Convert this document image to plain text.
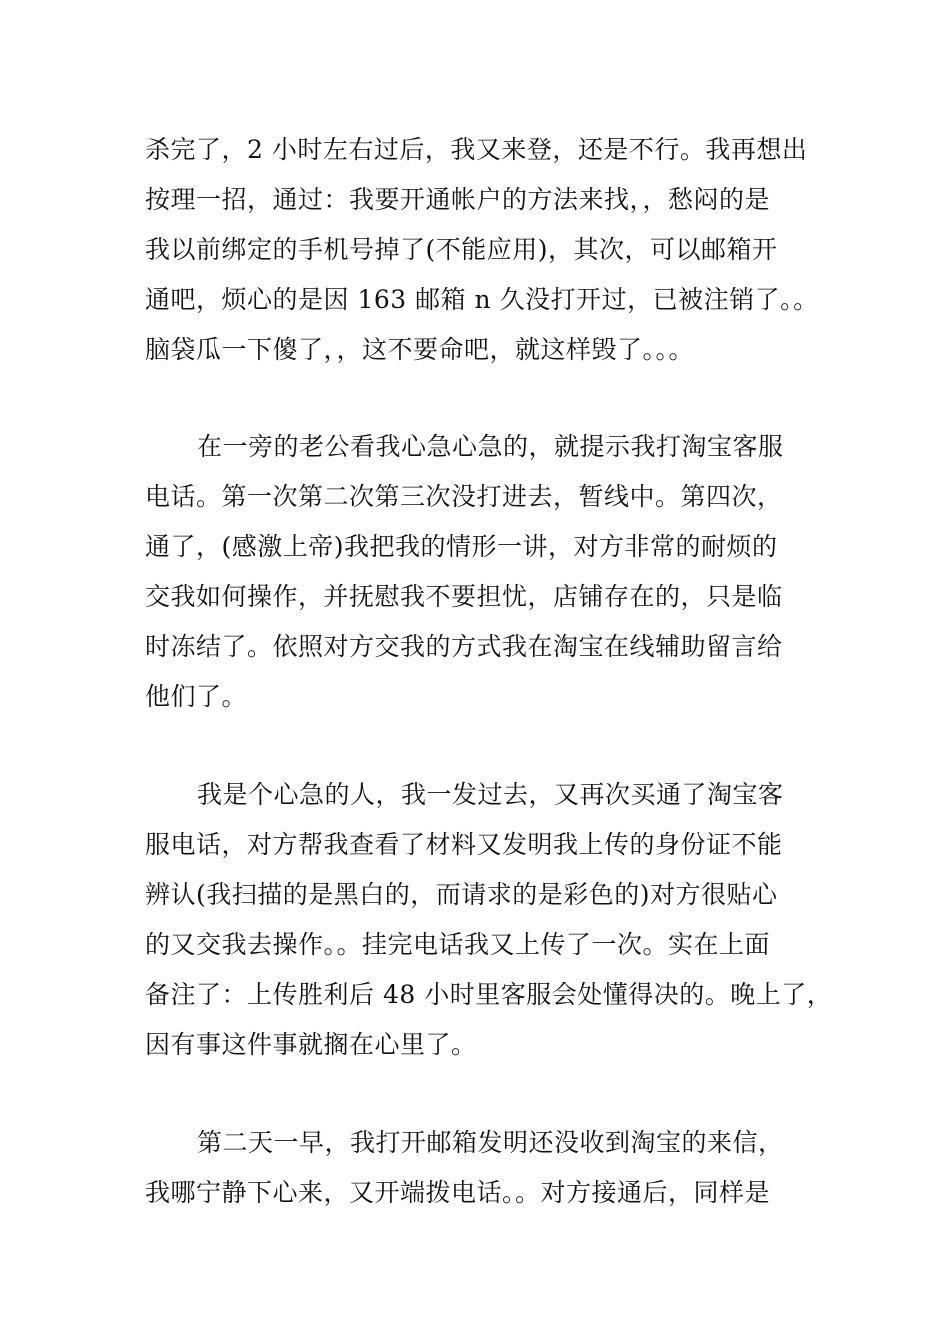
杀完了，2 小时左右过后，我又来登，还是不行。我再想出
按理一招，通过：我要开通帐户的方法来找，，愁闷的是
我以前绑定的手机号掉了(不能应用)，其次，可以邮箱开
通吧，烦心的是因 163 邮箱 n 久没打开过，已被注销了。。
脑袋瓜一下傻了，，这不要命吧，就这样毁了。。。
在一旁的老公看我心急心急的，就提示我打淘宝客服
电话。第一次第二次第三次没打进去，暂线中。第四次，
通了，(感激上帝)我把我的情形一讲，对方非常的耐烦的
交我如何操作，并抚慰我不要担忧，店铺存在的，只是临
时冻结了。依照对方交我的方式我在淘宝在线辅助留言给
他们了。
我是个心急的人，我一发过去，又再次买通了淘宝客
服电话，对方帮我查看了材料又发明我上传的身份证不能
辨认(我扫描的是黑白的，而请求的是彩色的)对方很贴心
的又交我去操作。。挂完电话我又上传了一次。实在上面
备注了：上传胜利后 48 小时里客服会处懂得决的。晚上了，
因有事这件事就搁在心里了。
第二天一早，我打开邮箱发明还没收到淘宝的来信，
我哪宁静下心来，又开端拨电话。。对方接通后，同样是
